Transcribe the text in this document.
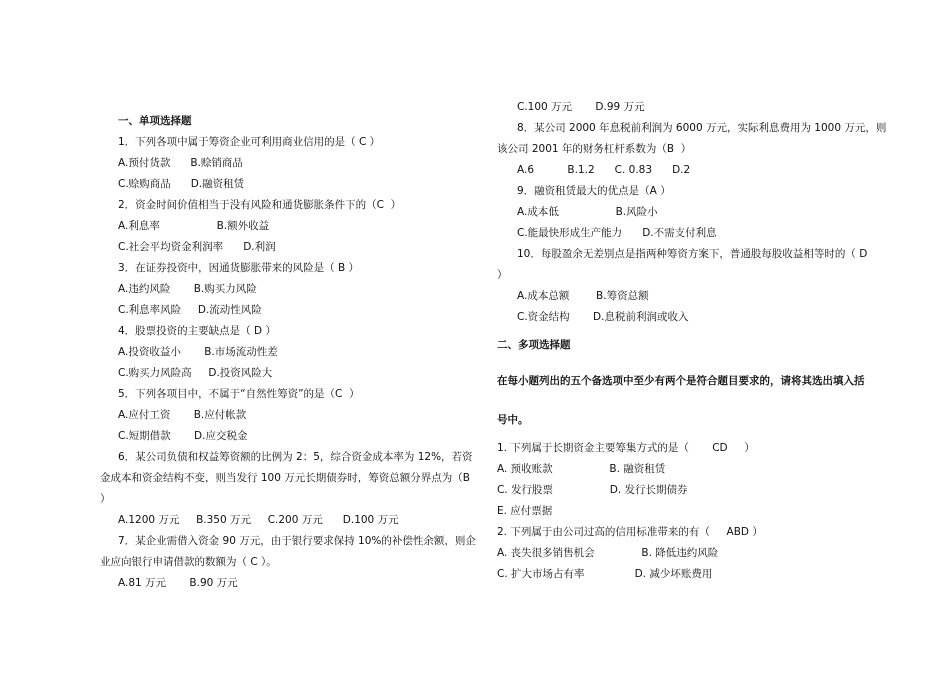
一、单项选择题
1．下列各项中属于筹资企业可利用商业信用的是（ C ）
A.预付货款      B.赊销商品
C.赊购商品      D.融资租赁
2．资金时间价值相当于没有风险和通货膨胀条件下的（C  ）
A.利息率                 B.额外收益
C.社会平均资金利润率      D.利润
3．在证券投资中，因通货膨胀带来的风险是（ B ）
A.违约风险       B.购买力风险
C.利息率风险     D.流动性风险
4．股票投资的主要缺点是（ D ）
A.投资收益小       B.市场流动性差
C.购买力风险高     D.投资风险大
5．下列各项目中，不属于“自然性筹资”的是（C  ）
A.应付工资       B.应付帐款
C.短期借款       D.应交税金
6．某公司负债和权益筹资额的比例为 2：5，综合资金成本率为 12%，若资
金成本和资金结构不变，则当发行 100 万元长期债券时，筹资总额分界点为（B
）
A.1200 万元     B.350 万元     C.200 万元      D.100 万元
7．某企业需借入资金 90 万元，由于银行要求保持 10%的补偿性余额，则企
业应向银行申请借款的数额为（ C ）。
A.81 万元       B.90 万元
C.100 万元       D.99 万元
8．某公司 2000 年息税前利润为 6000 万元，实际利息费用为 1000 万元，则
该公司 2001 年的财务杠杆系数为（B  ）
A.6          B.1.2      C. 0.83      D.2
9．融资租赁最大的优点是（A ）
A.成本低                 B.风险小
C.能最快形成生产能力      D.不需支付利息
10．每股盈余无差别点是指两种筹资方案下，普通股每股收益相等时的（ D
）
A.成本总额        B.筹资总额
C.资金结构       D.息税前利润或收入
二、多项选择题
在每小题列出的五个备选项中至少有两个是符合题目要求的，请将其选出填入括
号中。
1. 下列属于长期资金主要筹集方式的是（       CD     ）
A. 预收账款                 B. 融资租赁
C. 发行股票                 D. 发行长期债券
E. 应付票据
2. 下列属于由公司过高的信用标准带来的有（     ABD ）
A. 丧失很多销售机会              B. 降低违约风险
C. 扩大市场占有率               D. 减少坏账费用
